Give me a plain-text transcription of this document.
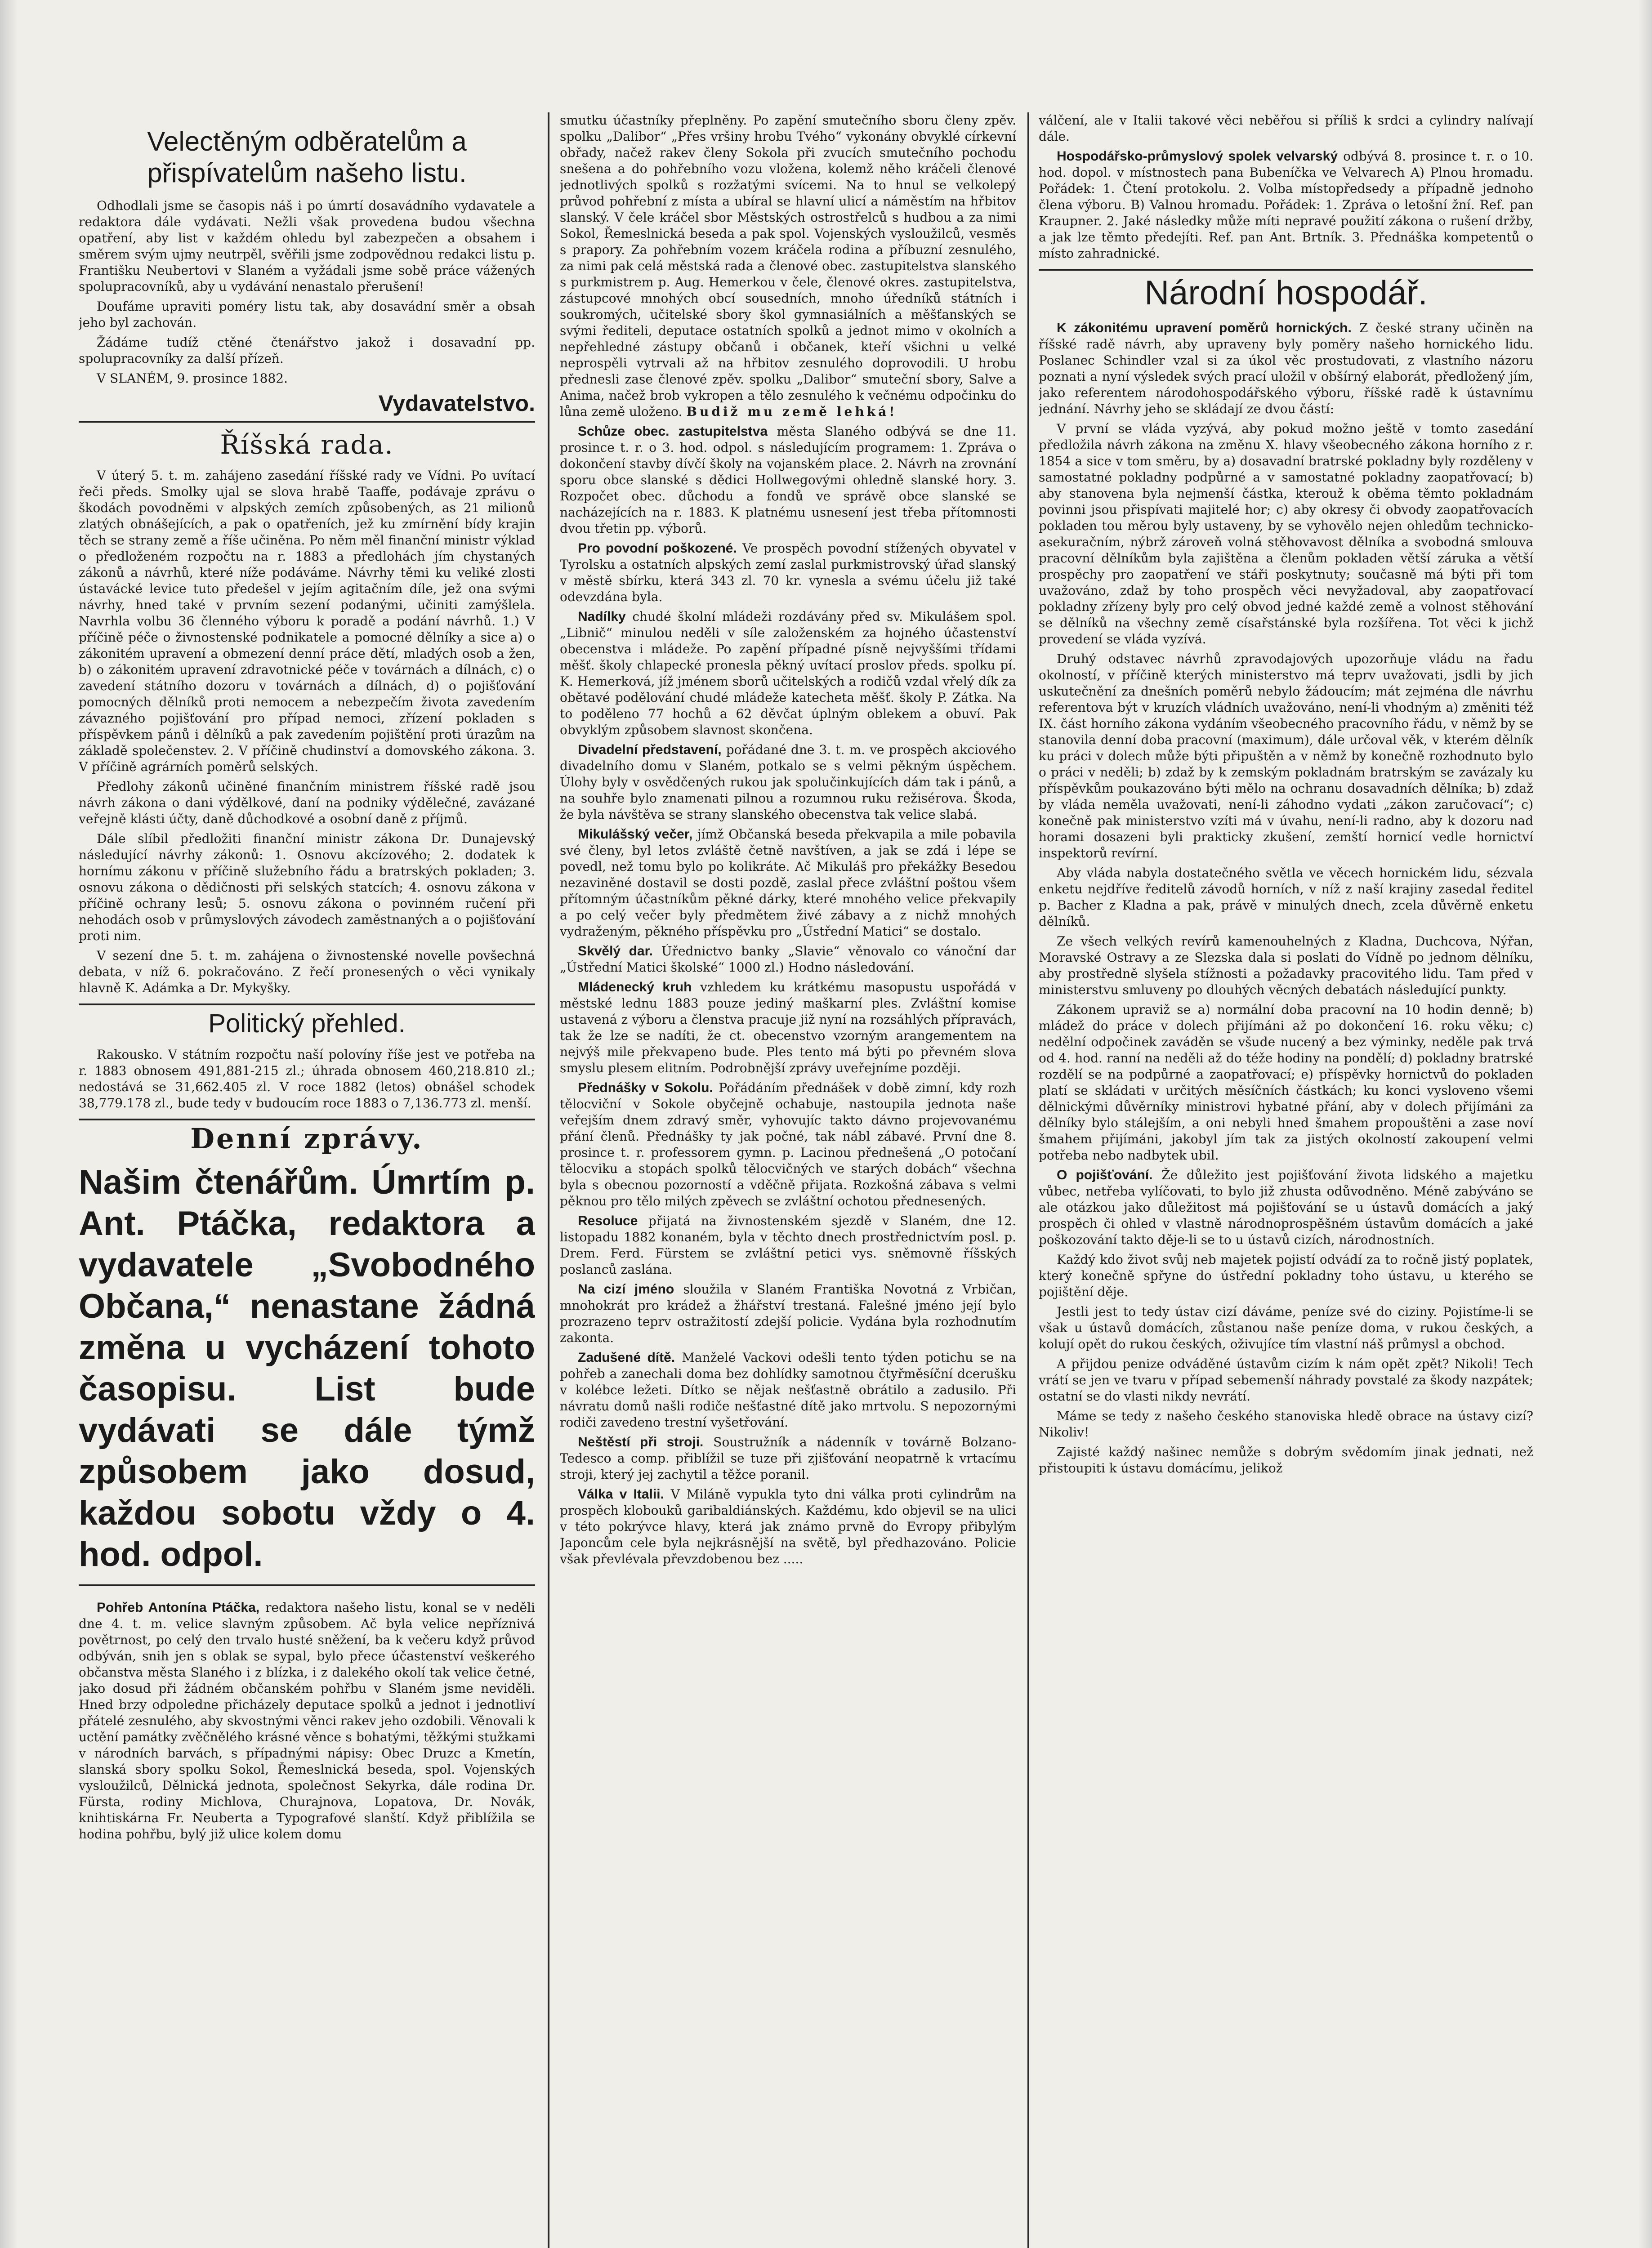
Velectěným odběratelům a přispívatelům našeho listu.

Odhodlali jsme se časopis náš i po úmrtí dosavádního vydavatele a redaktora dále vydávati. Nežli však provedena budou všechna opatření, aby list v každém ohledu byl zabezpečen a obsahem i směrem svým ujmy neutrpěl, svěřili jsme zodpovědnou redakci listu p. Františku Neubertovi v Slaném a vyžádali jsme sobě práce vážených spolupracovníků, aby u vydávání nenastalo přerušení!

Doufáme upraviti poméry listu tak, aby dosavádní směr a obsah jeho byl zachován.

Žádáme tudíž ctěné čtenářstvo jakož i dosavadní pp. spolupracovníky za další přízeň.

V SLANÉM, 9. prosince 1882.
Vydavatelstvo.
Říšská rada.

V úterý 5. t. m. zahájeno zasedání říšské rady ve Vídni. Po uvítací řeči předs. Smolky ujal se slova hrabě Taaffe, podávaje zprávu o škodách povodněmi v alpských zemích způsobených, as 21 milionů zlatých obnášejících, a pak o opatřeních, jež ku zmírnění bídy krajin těch se strany země a říše učiněna. Po něm měl finanční ministr výklad o předloženém rozpočtu na r. 1883 a předlohách jím chystaných zákonů a návrhů, které níže podáváme. Návrhy těmi ku veliké zlosti ústavácké levice tuto předešel v jejím agitačním díle, jež ona svými návrhy, hned také v prvním sezení podanými, učiniti zamýšlela. Navrhla volbu 36 členného výboru k poradě a podání návrhů. 1.) V příčině péče o živnostenské podnikatele a pomocné dělníky a sice a) o zákonitém upravení a obmezení denní práce dětí, mladých osob a žen, b) o zákonitém upravení zdravotnické péče v továrnách a dílnách, c) o zavedení státního dozoru v továrnách a dílnách, d) o pojišťování pomocných dělníků proti nemocem a nebezpečím života zavedením závazného pojišťování pro případ nemoci, zřízení pokladen s příspěvkem pánů i dělníků a pak zavedením pojištění proti úrazům na základě společenstev. 2. V příčině chudinství a domovského zákona. 3. V příčině agrárních poměrů selských.

Předlohy zákonů učiněné finančním ministrem říšské radě jsou návrh zákona o dani výdělkové, daní na podniky výdělečné, zavázané veřejně klásti účty, daně důchodkové a osobní daně z příjmů.

Dále slíbil předložiti finanční ministr zákona Dr. Dunajevský následující návrhy zákonů: 1. Osnovu akcízového; 2. dodatek k hornímu zákonu v příčině služebního řádu a bratrských pokladen; 3. osnovu zákona o dědičnosti při selských statcích; 4. osnovu zákona v příčině ochrany lesů; 5. osnovu zákona o povinném ručení při nehodách osob v průmyslových závodech zaměstnaných a o pojišťování proti nim.

V sezení dne 5. t. m. zahájena o živnostenské novelle povšechná debata, v níž 6. pokračováno. Z řečí pronesených o věci vynikaly hlavně K. Adámka a Dr. Mykyšky.

Politický přehled.

Rakousko. V státním rozpočtu naší polovíny říše jest ve potřeba na r. 1883 obnosem 491,881-215 zl.; úhrada obnosem 460,218.810 zl.; nedostává se 31,662.405 zl. V roce 1882 (letos) obnášel schodek 38,779.178 zl., bude tedy v budoucím roce 1883 o 7,136.773 zl. menší.

Denní zprávy.
Našim čtenářům. Úmrtím p. Ant. Ptáčka, redaktora a vydavatele „Svobodného Občana,“ nenastane žádná změna u vycházení tohoto časopisu. List bude vydávati se dále týmž způsobem jako dosud, každou sobotu vždy o 4. hod. odpol.

Pohřeb Antonína Ptáčka, redaktora našeho listu, konal se v neděli dne 4. t. m. velice slavným způsobem. Ač byla velice nepříznivá povětrnost, po celý den trvalo husté sněžení, ba k večeru když průvod odbýván, snih jen s oblak se sypal, bylo přece účastenství veškerého občanstva města Slaného i z blízka, i z dalekého okolí tak velice četné, jako dosud při žádném občanském pohřbu v Slaném jsme neviděli. Hned brzy odpoledne přicházely deputace spolků a jednot i jednotliví přátelé zesnulého, aby skvostnými věnci rakev jeho ozdobili. Věnovali k uctění památky zvěčnělého krásné věnce s bohatými, těžkými stužkami v národních barvách, s případnými nápisy: Obec Druzc a Kmetín, slanská sbory spolku Sokol, Řemeslnická beseda, spol. Vojenských vysloužilců, Dělnická jednota, společnost Sekyrka, dále rodina Dr. Fürsta, rodiny Michlova, Churajnova, Lopatova, Dr. Novák, knihtiskárna Fr. Neuberta a Typografové slanští. Když přiblížila se hodina pohřbu, bylý již ulice kolem domu

smutku účastníky přeplněny. Po zapění smutečního sboru členy zpěv. spolku „Dalibor“ „Přes vršiny hrobu Tvého“ vykonány obvyklé církevní obřady, načež rakev členy Sokola při zvucích smutečního pochodu snešena a do pohřebního vozu vložena, kolemž něho kráčeli členové jednotlivých spolků s rozžatými svícemi. Na to hnul se velkolepý průvod pohřební z místa a ubíral se hlavní ulicí a náměstím na hřbitov slanský. V čele kráčel sbor Městských ostrostřelců s hudbou a za nimi Sokol, Řemeslnická beseda a pak spol. Vojenských vysloužilců, vesměs s prapory. Za pohřebním vozem kráčela rodina a příbuzní zesnulého, za nimi pak celá městská rada a členové obec. zastupitelstva slanského s purkmistrem p. Aug. Hemerkou v čele, členové okres. zastupitelstva, zástupcové mnohých obcí sousedních, mnoho úředníků státních i soukromých, učitelské sbory škol gymnasiálních a měšťanských se svými řediteli, deputace ostatních spolků a jednot mimo v okolních a nepřehledné zástupy občanů i občanek, kteří všichni u velké neprospěli vytrvali až na hřbitov zesnulého doprovodili. U hrobu přednesli zase členové zpěv. spolku „Dalibor“ smuteční sbory, Salve a Anima, načež brob vykropen a tělo zesnulého k večnému odpočinku do lůna země uloženo. Budiž mu země lehká!

Schůze obec. zastupitelstva města Slaného odbývá se dne 11. prosince t. r. o 3. hod. odpol. s následujícím programem: 1. Zpráva o dokončení stavby dívčí školy na vojanském place. 2. Návrh na zrovnání sporu obce slanské s dědici Hollwegovými ohledně slanské hory. 3. Rozpočet obec. důchodu a fondů ve správě obce slanské se nacházejících na r. 1883. K platnému usnesení jest třeba přítomnosti dvou třetin pp. výborů.

Pro povodní poškozené. Ve prospěch povodní stížených obyvatel v Tyrolsku a ostatních alpských zemí zaslal purkmistrovský úřad slanský v městě sbírku, která 343 zl. 70 kr. vynesla a svému účelu již také odevzdána byla.

Nadílky chudé školní mládeži rozdávány před sv. Mikulášem spol. „Libnič“ minulou neděli v síle založenském za hojného účastenství obecenstva i mládeže. Po zapění případné písně nejvyššími třídami měšť. školy chlapecké pronesla pěkný uvítací proslov předs. spolku pí. K. Hemerková, jíž jménem sborů učitelských a rodičů vzdal vřelý dík za obětavé podělování chudé mládeže katecheta měšť. školy P. Zátka. Na to podělenо 77 hochů a 62 děvčat úplným oblekem a obuví. Pak obvyklým způsobem slavnost skončena.

Divadelní představení, pořádané dne 3. t. m. ve prospěch akciového divadelního domu v Slaném, potkalo se s velmi pěkným úspěchem. Úlohy byly v osvědčených rukou jak spolučinkujících dám tak i pánů, a na souhře bylo znamenati pilnou a rozumnou ruku režisérova. Škoda, že byla návštěva se strany slanského obecenstva tak velice slabá.

Mikulášský večer, jímž Občanská beseda překvapila a mile pobavila své členy, byl letos zvláště četně navštíven, a jak se zdá i lépe se povedl, než tomu bylo po kolikráte. Ač Mikuláš pro překážky Besedou nezaviněné dostavil se dosti pozdě, zaslal přece zvláštní poštou všem přítomným účastníkům pěkné dárky, které mnohého velice překvapily a po celý večer byly předmětem živé zábavy a z nichž mnohých vydraženým, pěkného příspěvku pro „Ústřední Matici“ se dostalo.

Skvělý dar. Úřednictvo banky „Slavie“ věnovalo co vánoční dar „Ústřední Matici školské“ 1000 zl.) Hodno následování.

Mládenecký kruh vzhledem ku krátkému masopustu uspořádá v městské lednu 1883 pouze jediný maškarní ples. Zvláštní komise ustavená z výboru a členstva pracuje již nyní na rozsáhlých přípravách, tak že lze se nadíti, že ct. obecenstvo vzorným arangementem na nejvýš mile překvapeno bude. Ples tento má býti po převném slova smyslu plesem elitním. Podrobnější zprávy uveřejníme později.

Přednášky v Sokolu. Pořádáním přednášek v době zimní, kdy rozh tělocviční v Sokole obyčejně ochabuje, nastoupila jednota naše veřejším dnem zdravý směr, vyhovujíc takto dávno projevovanému přání členů. Přednášky ty jak počné, tak nábl zábavé. První dne 8. prosince t. r. professorem gymn. p. Lacinou přednešená „O potočaní tělocviku a stopách spolků tělocvičných ve starých dobách“ všechna byla s obecnou pozorností a vděčně přijata. Rozkošná zábava s velmi pěknou pro tělo milých zpěvech se zvláštní ochotou přednesených.

Resoluce přijatá na živnostenském sjezdě v Slaném, dne 12. listopadu 1882 konaném, byla v těchto dnech prostřednictvím posl. p. Drem. Ferd. Fürstem se zvláštní petici vys. sněmovně říšských poslanců zaslána.

Na cizí jméno sloužila v Slaném Františka Novotná z Vrbičan, mnohokrát pro krádež a žhářství trestaná. Falešné jméno její bylo prozrazeno teprv ostražitostí zdejší policie. Vydána byla rozhodnutím zakonta.

Zadušené dítě. Manželé Vackovi odešli tento týden potichu se na pohřeb a zanechali doma bez dohlídky samotnou čtyřměsíční dcerušku v kolébce ležeti. Dítko se nějak nešťastně obrátilo a zadusilo. Při návratu domů našli rodiče nešťastné dítě jako mrtvolu. S nepozornými rodiči zavedeno trestní vyšetřování.

Neštěstí při stroji. Soustružník a nádenník v továrně Bolzano-Tedesco a comp. přiblížil se tuze při zjišťování neopatrně k vrtacímu stroji, který jej zachytil a těžce poranil.

Válka v Italii. V Miláně vypukla tyto dni válka proti cylindrům na prospěch klobouků garibaldiánských. Každému, kdo objevil se na ulici v této pokrývce hlavy, která jak známo prvně do Evropy přibylým Japoncům cele byla nejkrásnější na světě, byl předhazováno. Policie však převlévala převzdobenou bez .....

válčení, ale v Italii takové věci neběřou si příliš k srdci a cylindry nalívají dále.

Hospodářsko-průmyslový spolek velvarský odbývá 8. prosince t. r. o 10. hod. dopol. v místnostech pana Bubeníčka ve Velvarech A) Plnou hromadu. Pořádek: 1. Čtení protokolu. 2. Volba místopředsedy a případně jednoho člena výboru. B) Valnou hromadu. Pořádek: 1. Zpráva o letošní žní. Ref. pan Kraupner. 2. Jaké následky může míti nepravé použití zákona o rušení držby, a jak lze těmto předejíti. Ref. pan Ant. Brtník. 3. Přednáška kompetentů o místo zahradnické.

Národní hospodář.

K zákonitému upravení poměrů hornických. Z české strany učiněn na říšské radě návrh, aby upraveny byly poměry našeho hornického lidu. Poslanec Schindler vzal si za úkol věc prostudovati, z vlastního názoru poznati a nyní výsledek svých prací uložil v obšírný elaborát, předložený jím, jako referentem národohospodářského výboru, říšské radě k ústavnímu jednání. Návrhy jeho se skládají ze dvou částí:

V první se vláda vyzývá, aby pokud možno ještě v tomto zasedání předložila návrh zákona na změnu X. hlavy všeobecného zákona horního z r. 1854 a sice v tom směru, by a) dosavadní bratrské pokladny byly rozděleny v samostatné pokladny podpůrné a v samostatné pokladny zaopatřovací; b) aby stanovena byla nejmenší částka, kterouž k oběma těmto pokladnám povinni jsou přispívati majitelé hor; c) aby okresy či obvody zaopatřovacích pokladen tou měrou byly ustaveny, by se vyhovělo nejen ohledům technicko-asekuračním, nýbrž zároveň volná stěhovavost dělníka a svobodná smlouva pracovní dělníkům byla zajištěna a členům pokladen větší záruka a větší prospěchy pro zaopatření ve stáři poskytnuty; současně má býti při tom uvažováno, zdaž by toho prospěch věci nevyžadoval, aby zaopatřovací pokladny zřízeny byly pro celý obvod jedné každé země a volnost stěhování se dělníků na všechny země císařstánské byla rozšířena. Tot věci k jichž provedení se vláda vyzívá.

Druhý odstavec návrhů zpravodajových upozorňuje vládu na řadu okolností, v příčině kterých ministerstvo má teprv uvažovati, jsdli by jich uskutečnění za dnešních poměrů nebylo žádoucím; mát zejména dle návrhu referentova být v kruzích vládních uvažováno, není-li vhodným a) změniti též IX. část horního zákona vydáním všeobecného pracovního řádu, v němž by se stanovila denní doba pracovní (maximum), dále určoval věk, v kterém dělník ku práci v dolech může býti připuštěn a v němž by konečně rozhodnuto bylo o práci v neděli; b) zdaž by k zemským pokladnám bratrským se zavázaly ku příspěvkům poukazováno býti mělo na ochranu dosavadních dělníka; b) zdaž by vláda neměla uvažovati, není-li záhodno vydati „zákon zaručovací“; c) konečně pak ministerstvo vzíti má v úvahu, není-li radno, aby k dozoru nad horami dosazeni byli prakticky zkušení, zemští hornicí vedle hornictví inspektorů revírní.

Aby vláda nabyla dostatečného světla ve věcech hornickém lidu, sézvala enketu nejdříve ředitelů závodů horních, v níž z naší krajiny zasedal ředitel p. Bacher z Kladna a pak, právě v minulých dnech, zcela důvěrně enketu dělníků.

Ze všech velkých revírů kamenouhelných z Kladna, Duchcova, Nýřan, Moravské Ostravy a ze Slezska dala si poslati do Vídně po jednom dělníku, aby prostředně slyšela stížnosti a požadavky pracovitého lidu. Tam před v ministerstvu smluveny po dlouhých věcných debatách následující punkty.

Zákonem upraviž se a) normální doba pracovní na 10 hodin denně; b) mládež do práce v dolech přijímáni až po dokončení 16. roku věku; c) nedělní odpočinek zaváděn se všude nucený a bez výminky, neděle pak trvá od 4. hod. ranní na neděli až do téže hodiny na pondělí; d) pokladny bratrské rozdělí se na podpůrné a zaopatřovací; e) příspěvky hornictvů do pokladen platí se skládati v určitých měsíčních částkách; ku konci vysloveno všemi dělnickými důvěrníky ministrovi hybatné přání, aby v dolech přijímáni za dělníky bylo stálejším, a oni nebyli hned šmahem propouštěni a zase noví šmahem přijímáni, jakobyl jím tak za jistých okolností zakoupení velmi potřeba nebo nadbytek ubil.

O pojišťování. Že důležito jest pojišťování života lidského a majetku vůbec, netřeba vylíčovati, to bylo již zhusta odůvodněno. Méně zabýváno se ale otázkou jako důležitost má pojišťování se u ústavů domácích a jaký prospěch či ohled v vlastně národnoprospěšném ústavům domácích a jaké poškozování takto děje-li se to u ústavů cizích, národnostních.

Každý kdo život svůj neb majetek pojistí odvádí za to ročně jistý poplatek, který konečně spřyne do ústřední pokladny toho ústavu, u kterého se pojištění děje.

Jestli jest to tedy ústav cizí dáváme, peníze své do ciziny. Pojistíme-li se však u ústavů domácích, zůstanou naše peníze doma, v rukou českých, a kolují opět do rukou českých, oživujíce tím vlastní náš průmysl a obchod.

A přijdou penize odváděné ústavům cizím k nám opět zpět? Nikoli! Tech vrátí se jen ve tvaru v případ sebemenší náhrady povstalé za škody nazpátek; ostatní se do vlasti nikdy nevrátí.

Máme se tedy z našeho českého stanoviska hledě obrace na ústavy cizí? Nikoliv!

Zajisté každý našinec nemůže s dobrým svědomím jinak jednati, než přistoupiti k ústavu domácímu, jelikož
